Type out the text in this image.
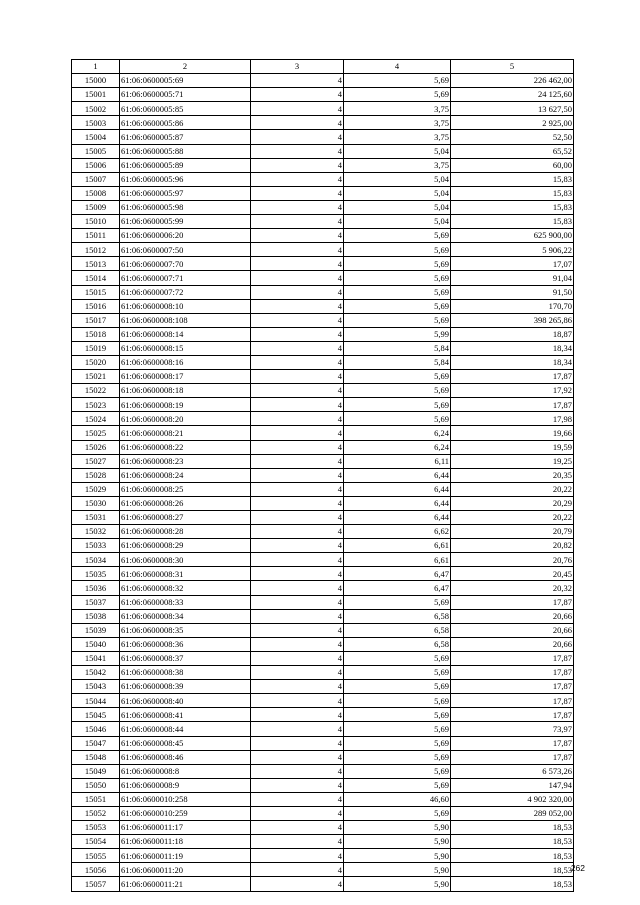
1	2	3	4	5
15000	61:06:0600005:69	4	5,69	226 462,00
15001	61:06:0600005:71	4	5,69	24 125,60
15002	61:06:0600005:85	4	3,75	13 627,50
15003	61:06:0600005:86	4	3,75	2 925,00
15004	61:06:0600005:87	4	3,75	52,50
15005	61:06:0600005:88	4	5,04	65,52
15006	61:06:0600005:89	4	3,75	60,00
15007	61:06:0600005:96	4	5,04	15,83
15008	61:06:0600005:97	4	5,04	15,83
15009	61:06:0600005:98	4	5,04	15,83
15010	61:06:0600005:99	4	5,04	15,83
15011	61:06:0600006:20	4	5,69	625 900,00
15012	61:06:0600007:50	4	5,69	5 906,22
15013	61:06:0600007:70	4	5,69	17,07
15014	61:06:0600007:71	4	5,69	91,04
15015	61:06:0600007:72	4	5,69	91,50
15016	61:06:0600008:10	4	5,69	170,70
15017	61:06:0600008:108	4	5,69	398 265,86
15018	61:06:0600008:14	4	5,99	18,87
15019	61:06:0600008:15	4	5,84	18,34
15020	61:06:0600008:16	4	5,84	18,34
15021	61:06:0600008:17	4	5,69	17,87
15022	61:06:0600008:18	4	5,69	17,92
15023	61:06:0600008:19	4	5,69	17,87
15024	61:06:0600008:20	4	5,69	17,98
15025	61:06:0600008:21	4	6,24	19,66
15026	61:06:0600008:22	4	6,24	19,59
15027	61:06:0600008:23	4	6,11	19,25
15028	61:06:0600008:24	4	6,44	20,35
15029	61:06:0600008:25	4	6,44	20,22
15030	61:06:0600008:26	4	6,44	20,29
15031	61:06:0600008:27	4	6,44	20,22
15032	61:06:0600008:28	4	6,62	20,79
15033	61:06:0600008:29	4	6,61	20,82
15034	61:06:0600008:30	4	6,61	20,76
15035	61:06:0600008:31	4	6,47	20,45
15036	61:06:0600008:32	4	6,47	20,32
15037	61:06:0600008:33	4	5,69	17,87
15038	61:06:0600008:34	4	6,58	20,66
15039	61:06:0600008:35	4	6,58	20,66
15040	61:06:0600008:36	4	6,58	20,66
15041	61:06:0600008:37	4	5,69	17,87
15042	61:06:0600008:38	4	5,69	17,87
15043	61:06:0600008:39	4	5,69	17,87
15044	61:06:0600008:40	4	5,69	17,87
15045	61:06:0600008:41	4	5,69	17,87
15046	61:06:0600008:44	4	5,69	73,97
15047	61:06:0600008:45	4	5,69	17,87
15048	61:06:0600008:46	4	5,69	17,87
15049	61:06:0600008:8	4	5,69	6 573,26
15050	61:06:0600008:9	4	5,69	147,94
15051	61:06:0600010:258	4	46,60	4 902 320,00
15052	61:06:0600010:259	4	5,69	289 052,00
15053	61:06:0600011:17	4	5,90	18,53
15054	61:06:0600011:18	4	5,90	18,53
15055	61:06:0600011:19	4	5,90	18,53
15056	61:06:0600011:20	4	5,90	18,53
15057	61:06:0600011:21	4	5,90	18,53
262
